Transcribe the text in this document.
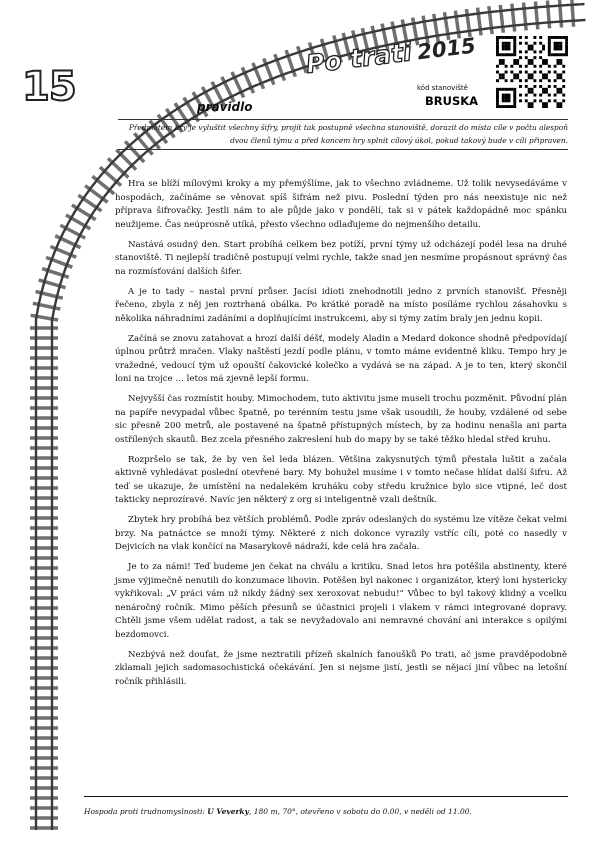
15
Po trati 2015
kód stanoviště
BRUSKA
pravidlo
Předmětem hry je vyluštit všechny šifry, projít tak postupně všechna stanoviště, dorazit do místa cíle v počtu alespoň dvou členů týmu a před koncem hry splnit cílový úkol, pokud takový bude v cíli připraven.

Hra se blíží mílovými kroky a my přemýšlíme, jak to všechno zvládneme. Už tolik nevysedáváme v hospodách, začínáme se věnovat spíš šifrám než pivu. Poslední týden pro nás neexistuje nic než příprava šifrovačky. Jestli nám to ale půjde jako v pondělí, tak si v pátek každopádně moc spánku neužijeme. Čas neúprosně utíká, přesto všechno odlaďujeme do nejmenšího detailu.

Nastává osudný den. Start probíhá celkem bez potíží, první týmy už odcházejí podél lesa na druhé stanoviště. Ti nejlepší tradičně postupují velmi rychle, takže snad jen nesmíme propásnout správný čas na rozmísťování dalších šifer.

A je to tady – nastal první průser. Jacísi idioti znehodnotili jedno z prvních stanovišť. Přesněji řečeno, zbyla z něj jen roztrhaná obálka. Po krátké poradě na místo posíláme rychlou zásahovku s několika náhradními zadáními a doplňujícími instrukcemi, aby si týmy zatím braly jen jednu kopii.

Začíná se znovu zatahovat a hrozí další déšť, modely Aladin a Medard dokonce shodně předpovídají úplnou průtrž mračen. Vlaky naštěstí jezdí podle plánu, v tomto máme evidentně kliku. Tempo hry je vražedné, vedoucí tým už opouští čakovické kolečko a vydává se na západ. A je to ten, který skončil loni na trojce … letos má zjevně lepší formu.

Nejvyšší čas rozmístit houby. Mimochodem, tuto aktivitu jsme museli trochu pozměnit. Původní plán na papíře nevypadal vůbec špatně, po terénním testu jsme však usoudili, že houby, vzdálené od sebe sic přesně 200 metrů, ale postavené na špatně přístupných místech, by za hodinu nenašla ani parta ostřílených skautů. Bez zcela přesného zakreslení hub do mapy by se také těžko hledal střed kruhu.

Rozpršelo se tak, že by ven šel leda blázen. Většina zakysnutých týmů přestala luštit a začala aktivně vyhledávat poslední otevřené bary. My bohužel musíme i v tomto nečase hlídat další šifru. Až teď se ukazuje, že umístění na nedalekém kruháku coby středu kružnice bylo sice vtipné, leč dost takticky neprozíravé. Navíc jen některý z org si inteligentně vzali deštník.

Zbytek hry probíhá bez větších problémů. Podle zpráv odeslaných do systému lze vítěze čekat velmi brzy. Na patnáctce se množí týmy. Některé z nich dokonce vyrazily vstříc cíli, poté co nasedly v Dejvicích na vlak končící na Masarykově nádraží, kde celá hra začala.

Je to za námi! Teď budeme jen čekat na chválu a kritiku. Snad letos hra potěšila abstinenty, které jsme výjimečně nenutili do konzumace lihovin. Potěšen byl nakonec i organizátor, který loni hystericky vykřikoval: „V práci vám už nikdy žádný sex xeroxovat nebudu!“ Vůbec to byl takový klidný a vcelku nenáročný ročník. Mimo pěších přesunů se účastnici projeli i vlakem v rámci integrované dopravy. Chtěli jsme všem udělat radost, a tak se nevyžadovalo ani nemravné chování ani interakce s opilými bezdomovci.

Nezbývá než doufat, že jsme neztratili přízeň skalních fanoušků Po trati, ač jsme pravděpodobně zklamali jejich sadomasochistická očekávání. Jen si nejsme jistí, jestli se nějací jiní vůbec na letošní ročník přihlásili.

Hospoda proti trudnomyslnosti: U Veverky, 180 m, 70°, otevřeno v sobotu do 0.00, v neděli od 11.00.
